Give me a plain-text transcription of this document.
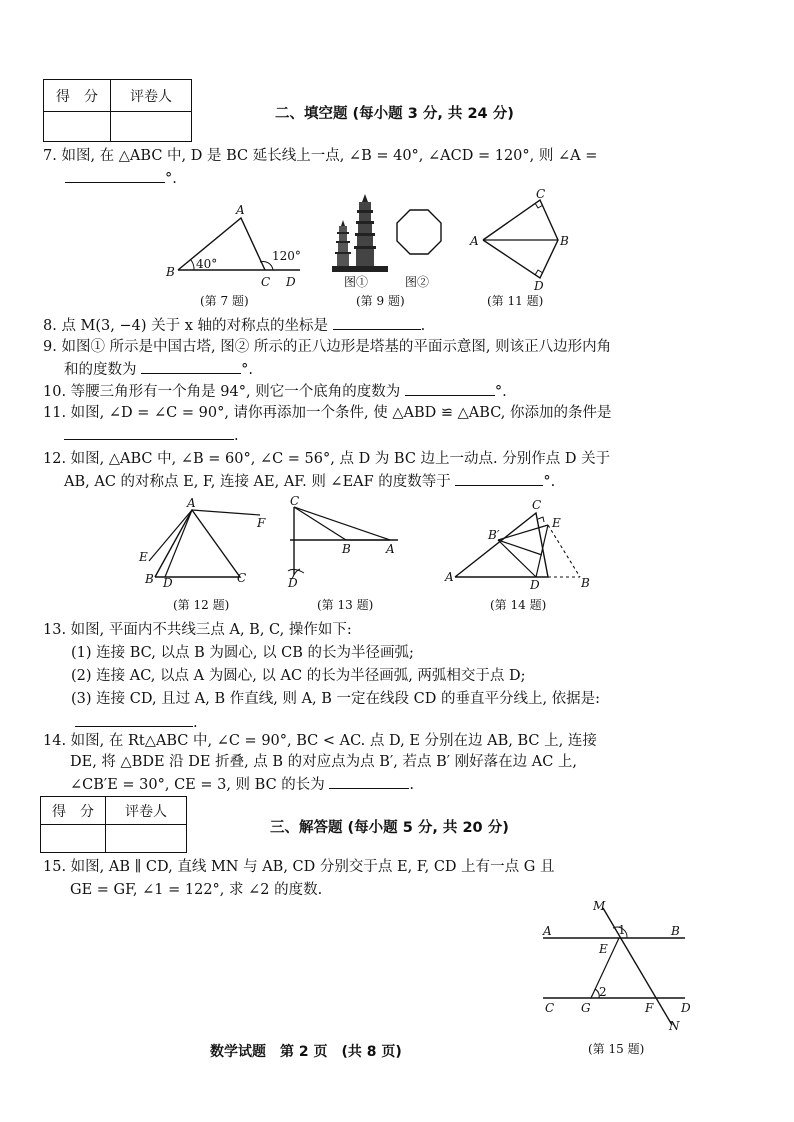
得　分	评卷人

二、填空题 (每小题 3 分, 共 24 分)
7. 如图, 在 △ABC 中, D 是 BC 延长线上一点, ∠B = 40°, ∠ACD = 120°, 则 ∠A =
°.
A
B
C D
40°
120°
(第 7 题)
图①	图②
(第 9 题)
A	B
C
D
(第 11 题)
8. 点 M(3, −4) 关于 x 轴的对称点的坐标是	.
9. 如图① 所示是中国古塔, 图② 所示的正八边形是塔基的平面示意图, 则该正八边形内角
和的度数为	°.
10. 等腰三角形有一个角是 94°, 则它一个底角的度数为	°.
11. 如图, ∠D = ∠C = 90°, 请你再添加一个条件, 使 △ABD ≌ △ABC, 你添加的条件是
.
12. 如图, △ABC 中, ∠B = 60°, ∠C = 56°, 点 D 为 BC 边上一动点. 分别作点 D 关于
AB, AC 的对称点 E, F, 连接 AE, AF. 则 ∠EAF 的度数等于	°.
A
B	C
D
E
F
(第 12 题)
C
B	A
D
(第 13 题)
C
B′
E
A
D	B
(第 14 题)
13. 如图, 平面内不共线三点 A, B, C, 操作如下:
(1) 连接 BC, 以点 B 为圆心, 以 CB 的长为半径画弧;
(2) 连接 AC, 以点 A 为圆心, 以 AC 的长为半径画弧, 两弧相交于点 D;
(3) 连接 CD, 且过 A, B 作直线, 则 A, B 一定在线段 CD 的垂直平分线上, 依据是:
.
14. 如图, 在 Rt△ABC 中, ∠C = 90°, BC < AC. 点 D, E 分别在边 AB, BC 上, 连接
DE, 将 △BDE 沿 DE 折叠, 点 B 的对应点为点 B′, 若点 B′ 刚好落在边 AC 上,
∠CB′E = 30°, CE = 3, 则 BC 的长为	.
得　分	评卷人

三、解答题 (每小题 5 分, 共 20 分)
15. 如图, AB ∥ CD, 直线 MN 与 AB, CD 分别交于点 E, F, CD 上有一点 G 且
GE = GF, ∠1 = 122°, 求 ∠2 的度数.
M
1
A	B
E
2
C G	F D
N
(第 15 题)
数学试题　第 2 页　(共 8 页)
